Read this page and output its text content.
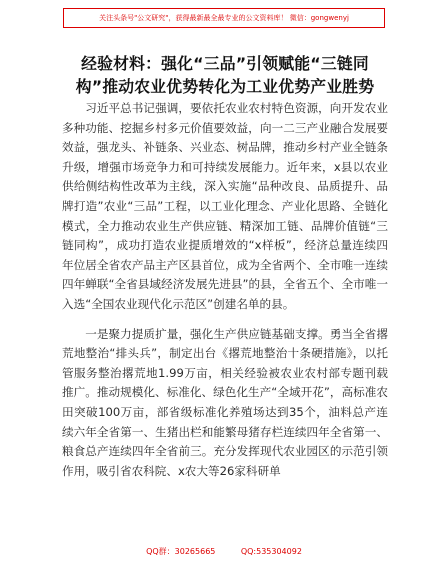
关注头条号"公文研究"，获得最新最全最专业的公文资料库！ 微信：gongwenyj
经验材料：强化“三品”引领赋能“三链同构”推动农业优势转化为工业优势产业胜势

习近平总书记强调，要依托农业农村特色资源，向开发农业多种功能、挖掘乡村多元价值要效益，向一二三产业融合发展要效益，强龙头、补链条、兴业态、树品牌，推动乡村产业全链条升级，增强市场竞争力和可持续发展能力。近年来，x县以农业供给侧结构性改革为主线，深入实施“品种改良、品质提升、品牌打造”农业“三品”工程，以工业化理念、产业化思路、全链化模式，全力推动农业生产供应链、精深加工链、品牌价值链“三链同构”，成功打造农业提质增效的“x样板”，经济总量连续四年位居全省农产品主产区县首位，成为全省两个、全市唯一连续四年蝉联“全省县域经济发展先进县”的县，全省五个、全市唯一入选“全国农业现代化示范区”创建名单的县。

一是聚力提质扩量，强化生产供应链基础支撑。勇当全省撂荒地整治“排头兵”，制定出台《撂荒地整治十条硬措施》，以托管服务整治撂荒地1.99万亩，相关经验被农业农村部专题刊载推广。推动规模化、标准化、绿色化生产“全域开花”，高标准农田突破100万亩，部省级标准化养殖场达到35个，油料总产连续六年全省第一、生猪出栏和能繁母猪存栏连续四年全省第一、粮食总产连续四年全省前三。充分发挥现代农业园区的示范引领作用，吸引省农科院、x农大等26家科研单

QQ群：30265665	QQ:535304092
